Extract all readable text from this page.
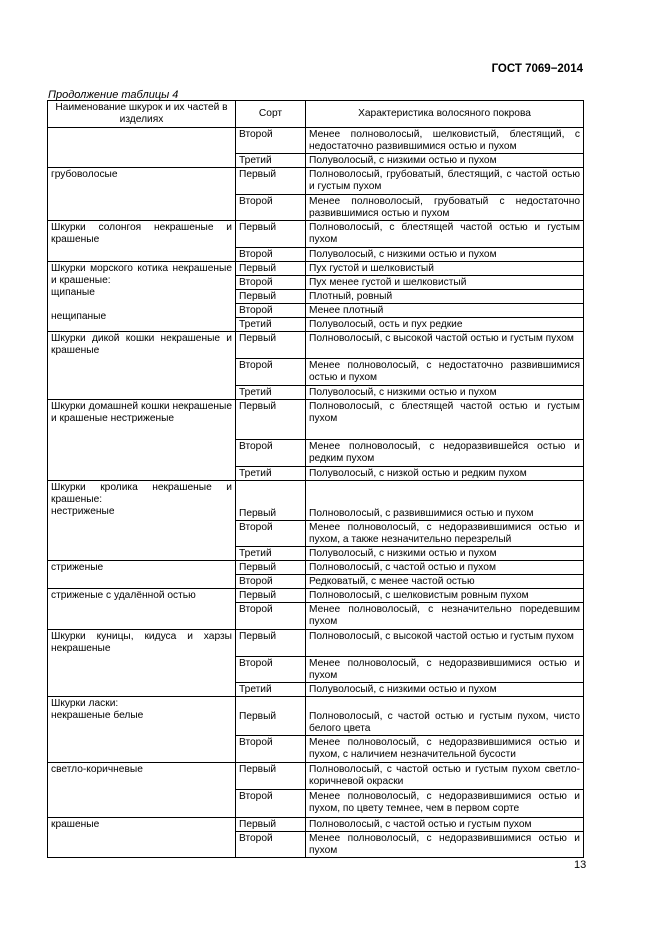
ГОСТ 7069−2014
Продолжение таблицы 4
Наименование шкурок и их частей в изделиях	Сорт	Характеристика волосяного покрова

	Второй	Менее полноволосый, шелковистый, блестящий, с недостаточно развившимися остью и пухом
	Третий	Полуволосый, с низкими остью и пухом

грубоволосые	Первый	Полноволосый, грубоватый, блестящий, с частой остью и густым пухом
	Второй	Менее полноволосый, грубоватый с недостаточно развившимися остью и пухом

Шкурки солонгоя некрашеные и крашеные	Первый	Полноволосый, с блестящей частой остью и густым пухом
	Второй	Полуволосый, с низкими остью и пухом

Шкурки морского котика некрашеные и крашеные:
щипаные
нещипаные	Первый	Пух густой и шелковистый
	Второй	Пух менее густой и шелковистый
	Первый	Плотный, ровный
	Второй	Менее плотный
	Третий	Полуволосый, ость и пух редкие

Шкурки дикой кошки некрашеные и крашеные	Первый	Полноволосый, с высокой частой остью и густым пухом
	Второй	Менее полноволосый, с недостаточно развившимися остью и пухом
	Третий	Полуволосый, с низкими остью и пухом

Шкурки домашней кошки некрашеные и крашеные нестриженые	Первый	Полноволосый, с блестящей частой остью и густым пухом
	Второй	Менее полноволосый, с недоразвившейся остью и редким пухом
	Третий	Полуволосый, с низкой остью и редким пухом

Шкурки кролика некрашеные и крашеные:
нестриженые	Первый	Полноволосый, с развившимися остью и пухом
	Второй	Менее полноволосый, с недоразвившимися остью и пухом, а также незначительно перезрелый
	Третий	Полуволосый, с низкими остью и пухом

стриженые	Первый	Полноволосый, с частой остью и пухом
	Второй	Редковатый, с менее частой остью

стриженые с удалённой остью	Первый	Полноволосый, с шелковистым ровным пухом
	Второй	Менее полноволосый, с незначительно поредевшим пухом

Шкурки куницы, кидуса и харзы некрашеные	Первый	Полноволосый, с высокой частой остью и густым пухом
	Второй	Менее полноволосый, с недоразвившимися остью и пухом
	Третий	Полуволосый, с низкими остью и пухом

Шкурки ласки:
некрашеные белые	Первый	Полноволосый, с частой остью и густым пухом, чисто белого цвета
	Второй	Менее полноволосый, с недоразвившимися остью и пухом, с наличием незначительной бусости

светло-коричневые	Первый	Полноволосый, с частой остью и густым пухом светло-коричневой окраски
	Второй	Менее полноволосый, с недоразвившимися остью и пухом, по цвету темнее, чем в первом сорте

крашеные	Первый	Полноволосый, с частой остью и густым пухом
	Второй	Менее полноволосый, с недоразвившимися остью и пухом
13
